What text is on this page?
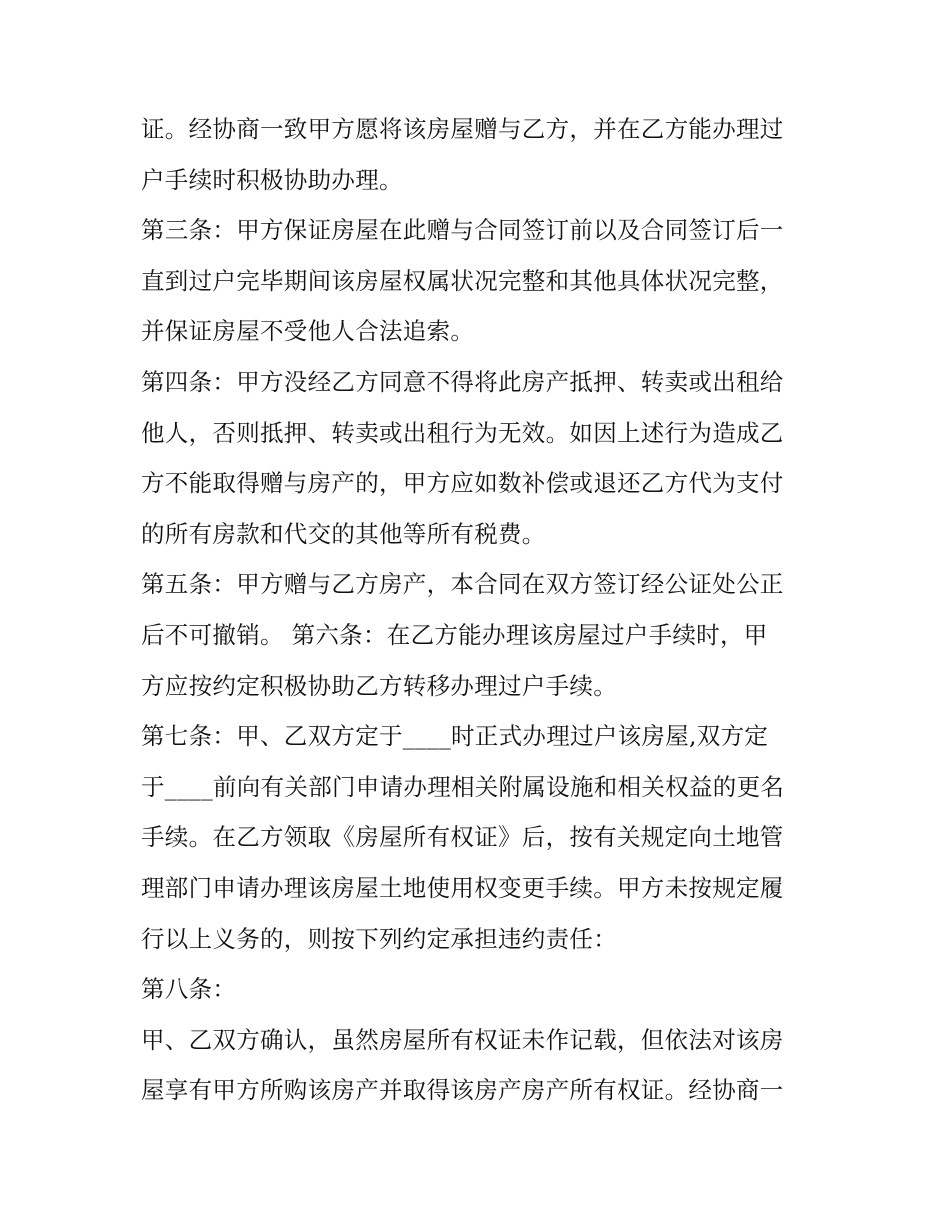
证。经协商一致甲方愿将该房屋赠与乙方，并在乙方能办理过
户手续时积极协助办理。
第三条：甲方保证房屋在此赠与合同签订前以及合同签订后一
直到过户完毕期间该房屋权属状况完整和其他具体状况完整，
并保证房屋不受他人合法追索。
第四条：甲方没经乙方同意不得将此房产抵押、转卖或出租给
他人，否则抵押、转卖或出租行为无效。如因上述行为造成乙
方不能取得赠与房产的，甲方应如数补偿或退还乙方代为支付
的所有房款和代交的其他等所有税费。
第五条：甲方赠与乙方房产，本合同在双方签订经公证处公正
后不可撤销。 第六条：在乙方能办理该房屋过户手续时，甲
方应按约定积极协助乙方转移办理过户手续。
第七条：甲、乙双方定于____时正式办理过户该房屋,双方定
于____前向有关部门申请办理相关附属设施和相关权益的更名
手续。在乙方领取《房屋所有权证》后，按有关规定向土地管
理部门申请办理该房屋土地使用权变更手续。甲方未按规定履
行以上义务的，则按下列约定承担违约责任：
第八条：
甲、乙双方确认，虽然房屋所有权证未作记载，但依法对该房
屋享有甲方所购该房产并取得该房产房产所有权证。经协商一
